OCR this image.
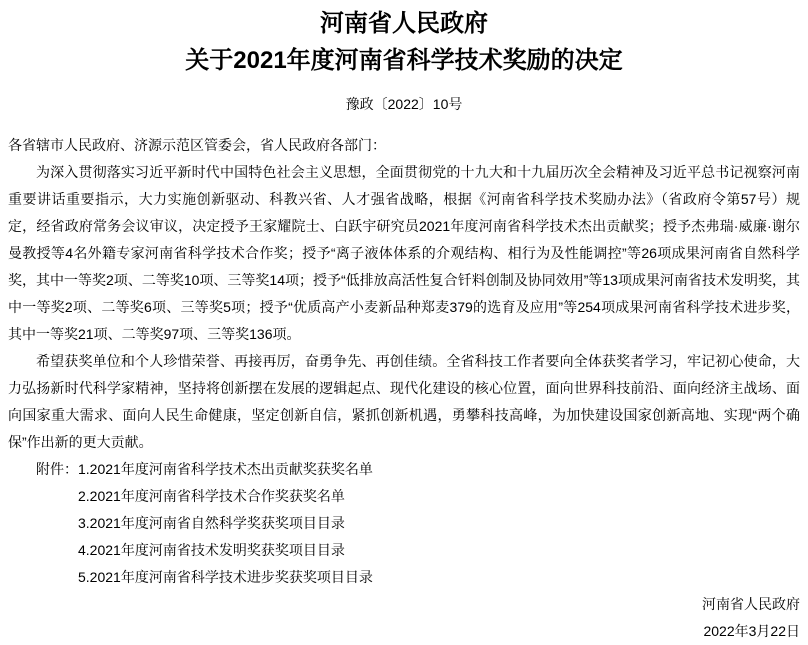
河南省人民政府
关于2021年度河南省科学技术奖励的决定
豫政〔2022〕10号

各省辖市人民政府、济源示范区管委会，省人民政府各部门：

为深入贯彻落实习近平新时代中国特色社会主义思想，全面贯彻党的十九大和十九届历次全会精神及习近平总书记视察河南重要讲话重要指示，大力实施创新驱动、科教兴省、人才强省战略，根据《河南省科学技术奖励办法》（省政府令第57号）规定，经省政府常务会议审议，决定授予王家耀院士、白跃宇研究员2021年度河南省科学技术杰出贡献奖；授予杰弗瑞·威廉·谢尔曼教授等4名外籍专家河南省科学技术合作奖；授予“离子液体体系的介观结构、相行为及性能调控”等26项成果河南省自然科学奖，其中一等奖2项、二等奖10项、三等奖14项；授予“低排放高活性复合钎料创制及协同效用”等13项成果河南省技术发明奖，其中一等奖2项、二等奖6项、三等奖5项；授予“优质高产小麦新品种郑麦379的选育及应用”等254项成果河南省科学技术进步奖，其中一等奖21项、二等奖97项、三等奖136项。

希望获奖单位和个人珍惜荣誉、再接再厉，奋勇争先、再创佳绩。全省科技工作者要向全体获奖者学习，牢记初心使命，大力弘扬新时代科学家精神，坚持将创新摆在发展的逻辑起点、现代化建设的核心位置，面向世界科技前沿、面向经济主战场、面向国家重大需求、面向人民生命健康，坚定创新自信，紧抓创新机遇，勇攀科技高峰，为加快建设国家创新高地、实现“两个确保”作出新的更大贡献。

附件：1.2021年度河南省科学技术杰出贡献奖获奖名单
2.2021年度河南省科学技术合作奖获奖名单
3.2021年度河南省自然科学奖获奖项目目录
4.2021年度河南省技术发明奖获奖项目目录
5.2021年度河南省科学技术进步奖获奖项目目录
河南省人民政府
2022年3月22日
